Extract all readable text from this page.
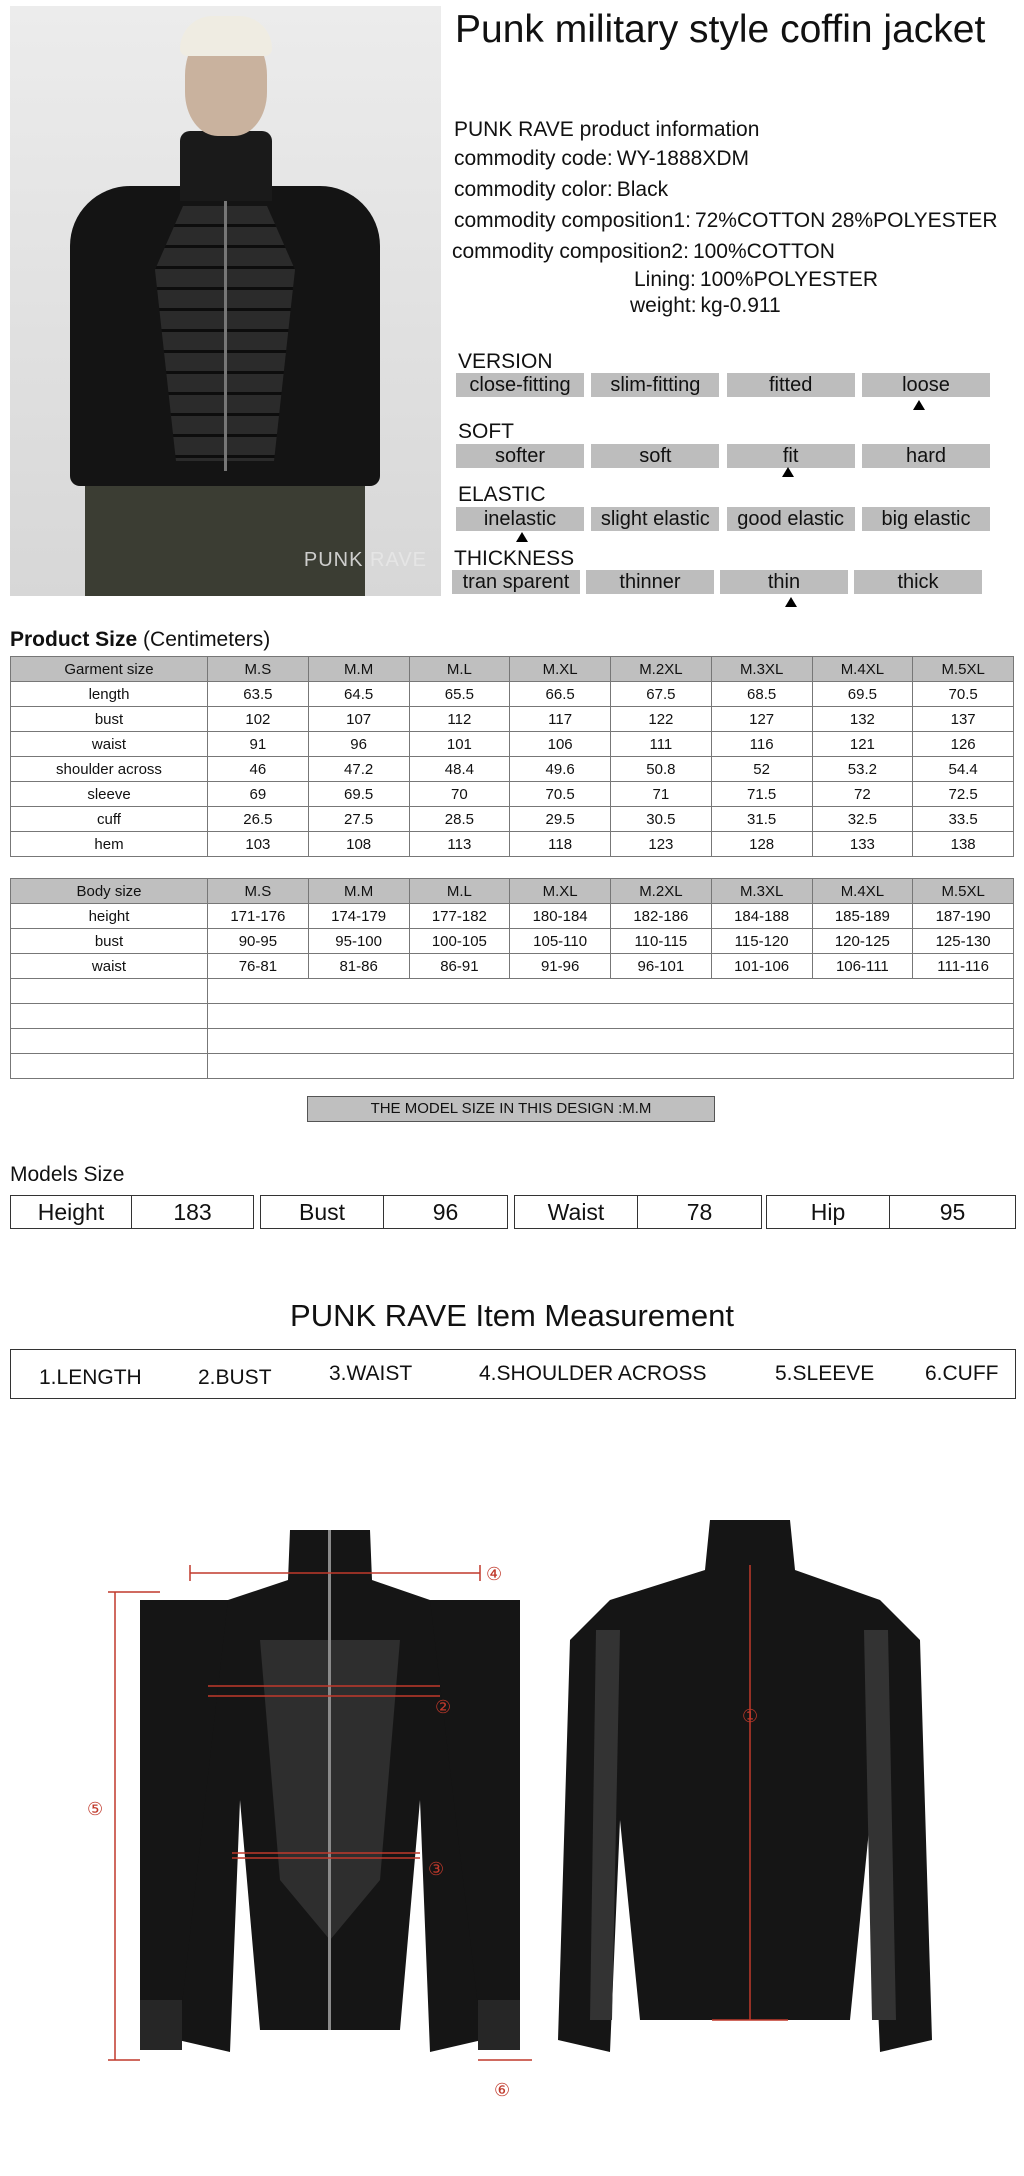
PUNK RAVE
Punk military style coffin jacket
PUNK RAVE product information
commodity code: WY-1888XDM
commodity color: Black
commodity composition1: 72%COTTON 28%POLYESTER
commodity composition2: 100%COTTON
Lining: 100%POLYESTER
weight: kg-0.911
VERSION
close-fitting	slim-fitting	fitted	loose
SOFT
softer	soft	fit	hard
ELASTIC
inelastic	slight elastic	good elastic	big elastic
THICKNESS
tran sparent	thinner	thin	thick
Product Size (Centimeters)
Garment size	M.S	M.M	M.L	M.XL	M.2XL	M.3XL	M.4XL	M.5XL
length	63.5	64.5	65.5	66.5	67.5	68.5	69.5	70.5
bust	102	107	112	117	122	127	132	137
waist	91	96	101	106	111	116	121	126
shoulder across	46	47.2	48.4	49.6	50.8	52	53.2	54.4
sleeve	69	69.5	70	70.5	71	71.5	72	72.5
cuff	26.5	27.5	28.5	29.5	30.5	31.5	32.5	33.5
hem	103	108	113	118	123	128	133	138
Body size	M.S	M.M	M.L	M.XL	M.2XL	M.3XL	M.4XL	M.5XL
height	171-176	174-179	177-182	180-184	182-186	184-188	185-189	187-190
bust	90-95	95-100	100-105	105-110	110-115	115-120	120-125	125-130
waist	76-81	81-86	86-91	91-96	96-101	101-106	106-111	111-116

THE MODEL SIZE IN THIS DESIGN :M.M
Models Size
Height	183	Bust	96	Waist	78	Hip	95
PUNK RAVE Item Measurement
1.LENGTH	2.BUST	3.WAIST	4.SHOULDER ACROSS	5.SLEEVE 6.CUFF
①
②
③
④
⑤
⑥
